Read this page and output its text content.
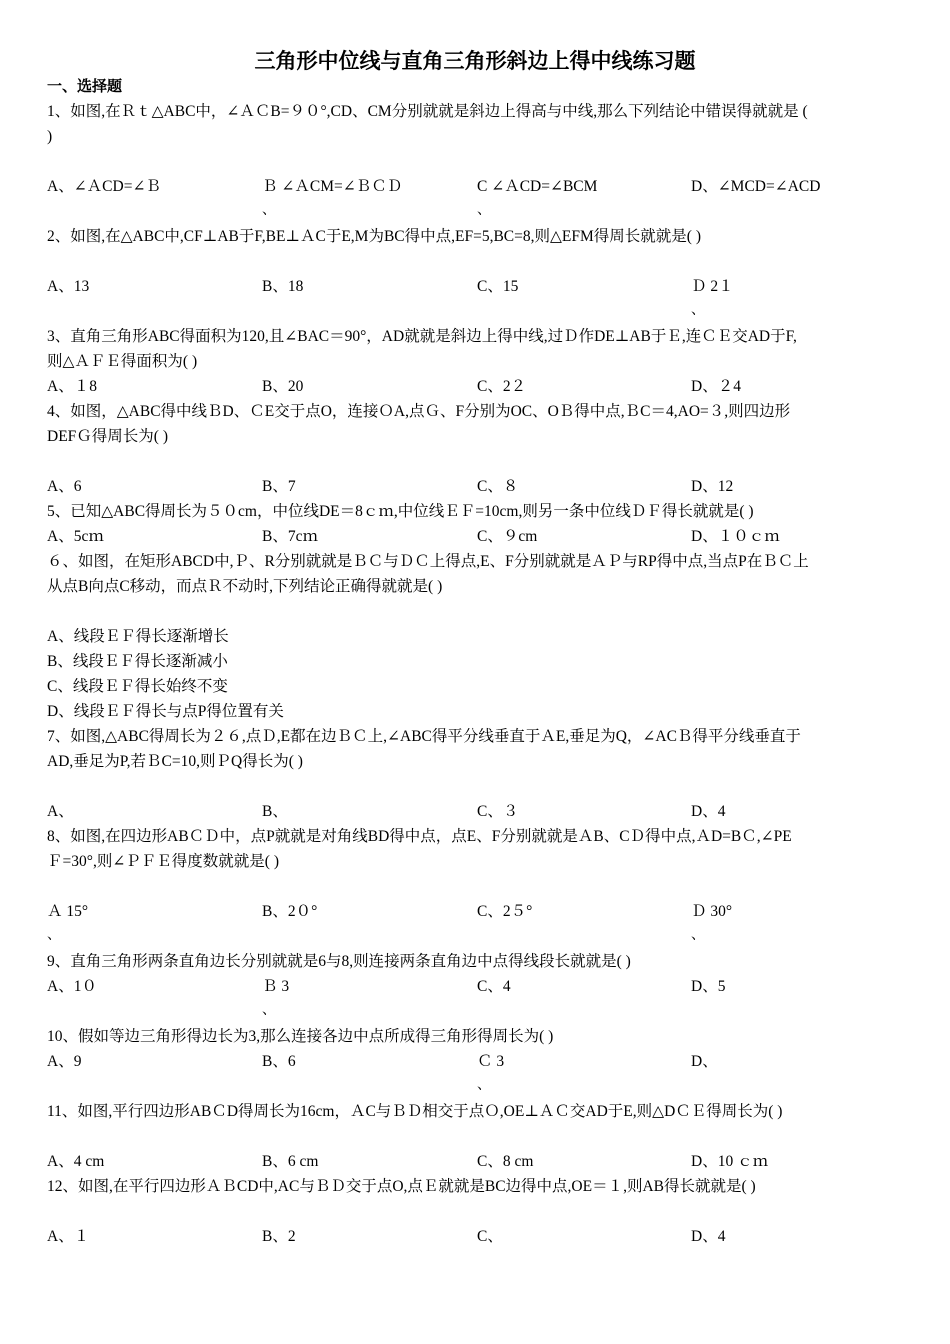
三角形中位线与直角三角形斜边上得中线练习题
一、选择题
1、如图,在Ｒｔ△ABC中，∠ＡＣB=９０°,CD、CM分别就就是斜边上得高与中线,那么下列结论中错误得就就是 (
)
A、∠ＡCD=∠Ｂ	Ｂ ∠ＡCM=∠ＢＣＤ
、
C ∠ＡCD=∠BCM
、
D、∠MCD=∠ACD
2、如图,在△ABC中,CF⊥AB于F,BE⊥ＡC于E,M为BC得中点,EF=5,BC=8,则△EFM得周长就就是( )
A、13	B、18	C、15	Ｄ 2１
、
3、直角三角形ABC得面积为120,且∠BAC＝90°，AD就就是斜边上得中线,过Ｄ作DE⊥AB于Ｅ,连ＣＥ交AD于F,
则△ＡＦＥ得面积为( )
A、１8	B、20	C、2２	D、２4
4、如图，△ABC得中线ＢD、ＣE交于点O，连接ＯA,点Ｇ、F分别为OC、OＢ得中点,ＢC＝4,AO=３,则四边形
DEFＧ得周长为( )
A、6	B、7	C、８	D、12
5、已知△ABC得周长为５０cm，中位线DE＝8ｃｍ,中位线ＥＦ=10cm,则另一条中位线ＤＦ得长就就是( )
A、5cｍ	B、7cｍ	C、９cm	D、１０ｃｍ
６、如图，在矩形ABCD中,Ｐ、R分别就就是ＢＣ与ＤＣ上得点,E、F分别就就是ＡＰ与RP得中点,当点P在ＢＣ上
从点B向点C移动，而点Ｒ不动时,下列结论正确得就就是( )
A、线段ＥＦ得长逐渐增长
B、线段ＥＦ得长逐渐减小
C、线段ＥＦ得长始终不变
D、线段ＥＦ得长与点P得位置有关
7、如图,△ABC得周长为２６,点Ｄ,E都在边ＢＣ上,∠ABC得平分线垂直于ＡE,垂足为Q，∠ACＢ得平分线垂直于
AD,垂足为P,若ＢC=10,则ＰQ得长为( )
A、	B、	C、３	D、4
8、如图,在四边形ABＣＤ中，点P就就是对角线BD得中点，点E、F分别就就是ＡB、CＤ得中点,ＡD=BＣ,∠PE
Ｆ=30°,则∠ＰＦＥ得度数就就是( )
Ａ 15°
、
B、2０°	C、2５°	Ｄ 30°
、
9、直角三角形两条直角边长分别就就是6与8,则连接两条直角边中点得线段长就就是( )
A、1０	Ｂ 3
、
C、4	D、5
10、假如等边三角形得边长为3,那么连接各边中点所成得三角形得周长为( )
A、9	B、6	Ｃ 3
、
D、
11、如图,平行四边形ABＣD得周长为16cm，ＡC与ＢＤ相交于点Ｏ,OE⊥ＡＣ交AD于E,则△DＣＥ得周长为( )
A、4 cm	B、6 cm	C、8 cm	D、10 ｃｍ
12、如图,在平行四边形ＡＢCD中,AC与ＢＤ交于点O,点Ｅ就就是BC边得中点,OE＝１,则AB得长就就是( )
A、１	B、2	C、	D、4
